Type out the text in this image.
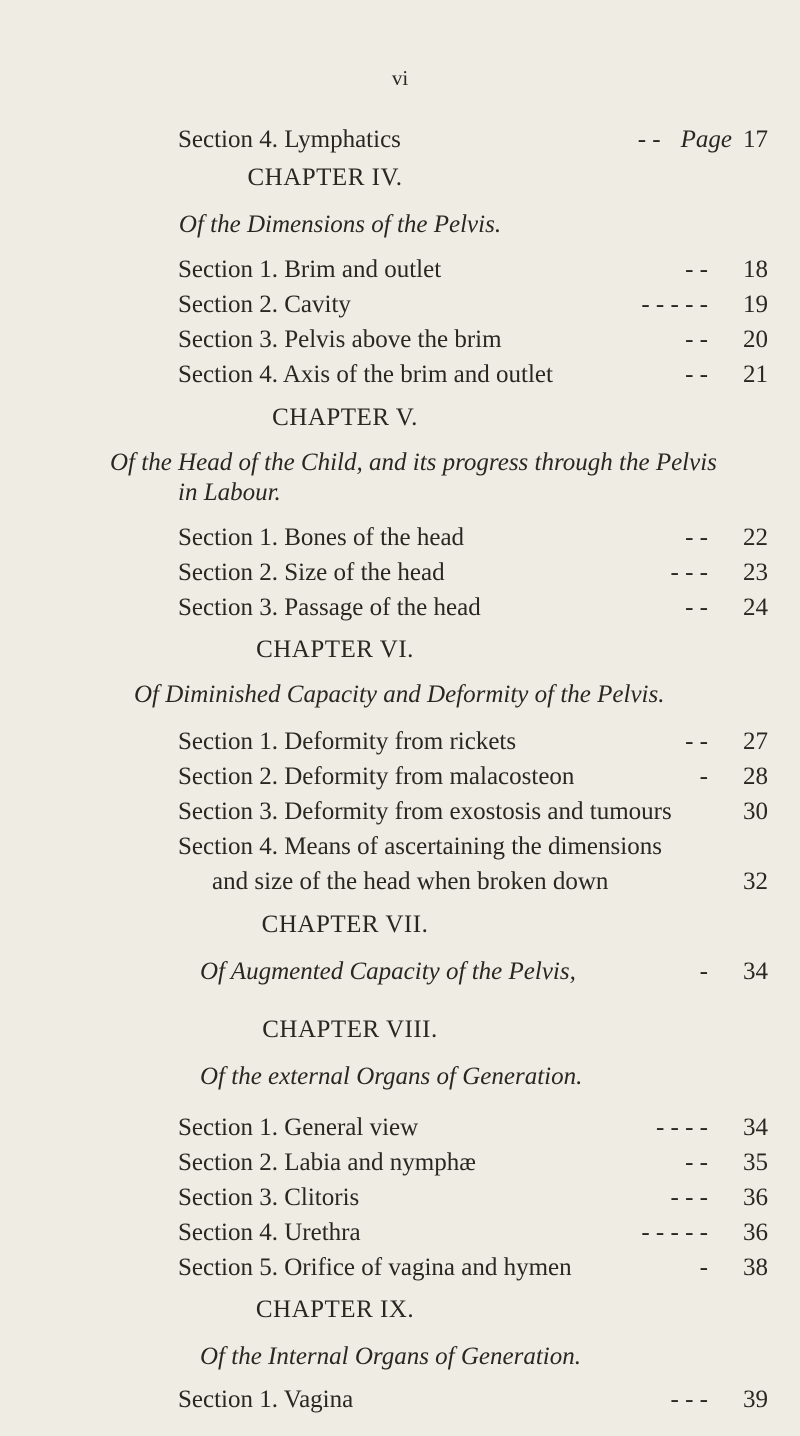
vi
Section 4. Lymphatics	- - Page 17
CHAPTER IV.
Of the Dimensions of the Pelvis.
Section 1. Brim and outlet	- -	18
Section 2. Cavity	- - - - -	19
Section 3. Pelvis above the brim	- -	20
Section 4. Axis of the brim and outlet	- -	21
CHAPTER V.
Of the Head of the Child, and its progress through the Pelvis
in Labour.
Section 1. Bones of the head	- -	22
Section 2. Size of the head	- - -	23
Section 3. Passage of the head	- -	24
CHAPTER VI.
Of Diminished Capacity and Deformity of the Pelvis.
Section 1. Deformity from rickets	- -	27
Section 2. Deformity from malacosteon	-	28
Section 3. Deformity from exostosis and tumours	30
Section 4. Means of ascertaining the dimensions
and size of the head when broken down	32
CHAPTER VII.
Of Augmented Capacity of the Pelvis,	-	34
CHAPTER VIII.
Of the external Organs of Generation.
Section 1. General view	- - - -	34
Section 2. Labia and nymphæ	- -	35
Section 3. Clitoris	- - -	36
Section 4. Urethra	- - - - -	36
Section 5. Orifice of vagina and hymen	-	38
CHAPTER IX.
Of the Internal Organs of Generation.
Section 1. Vagina	- - -	39
